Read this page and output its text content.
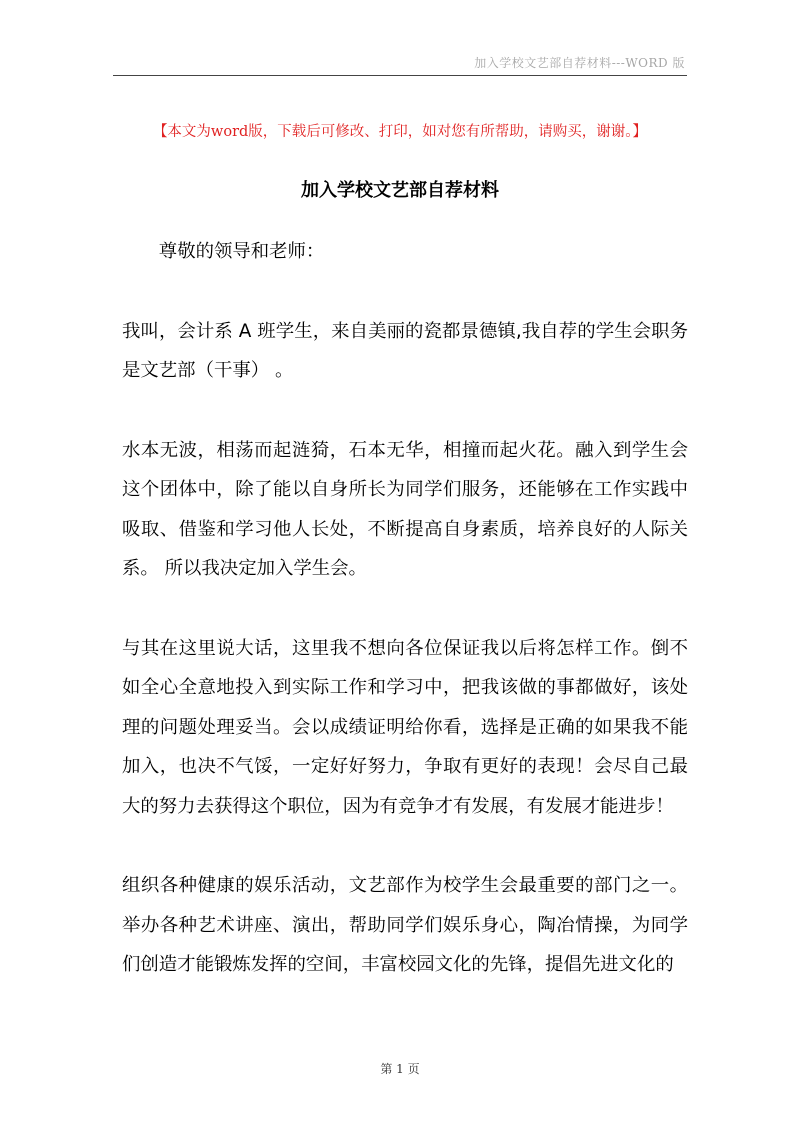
加入学校文艺部自荐材料---WORD 版
【本文为word版，下载后可修改、打印，如对您有所帮助，请购买，谢谢。】
加入学校文艺部自荐材料

尊敬的领导和老师：

我叫，会计系 A 班学生，来自美丽的瓷都景德镇,我自荐的学生会职务是文艺部（干事） 。

水本无波，相荡而起涟猗，石本无华，相撞而起火花。融入到学生会这个团体中，除了能以自身所长为同学们服务，还能够在工作实践中吸取、借鉴和学习他人长处，不断提高自身素质，培养良好的人际关系。 所以我决定加入学生会。

与其在这里说大话，这里我不想向各位保证我以后将怎样工作。倒不如全心全意地投入到实际工作和学习中，把我该做的事都做好，该处理的问题处理妥当。会以成绩证明给你看，选择是正确的如果我不能加入，也决不气馁，一定好好努力，争取有更好的表现！会尽自己最大的努力去获得这个职位，因为有竞争才有发展，有发展才能进步！

组织各种健康的娱乐活动，文艺部作为校学生会最重要的部门之一。举办各种艺术讲座、演出，帮助同学们娱乐身心，陶冶情操，为同学们创造才能锻炼发挥的空间，丰富校园文化的先锋，提倡先进文化的

第 1 页
